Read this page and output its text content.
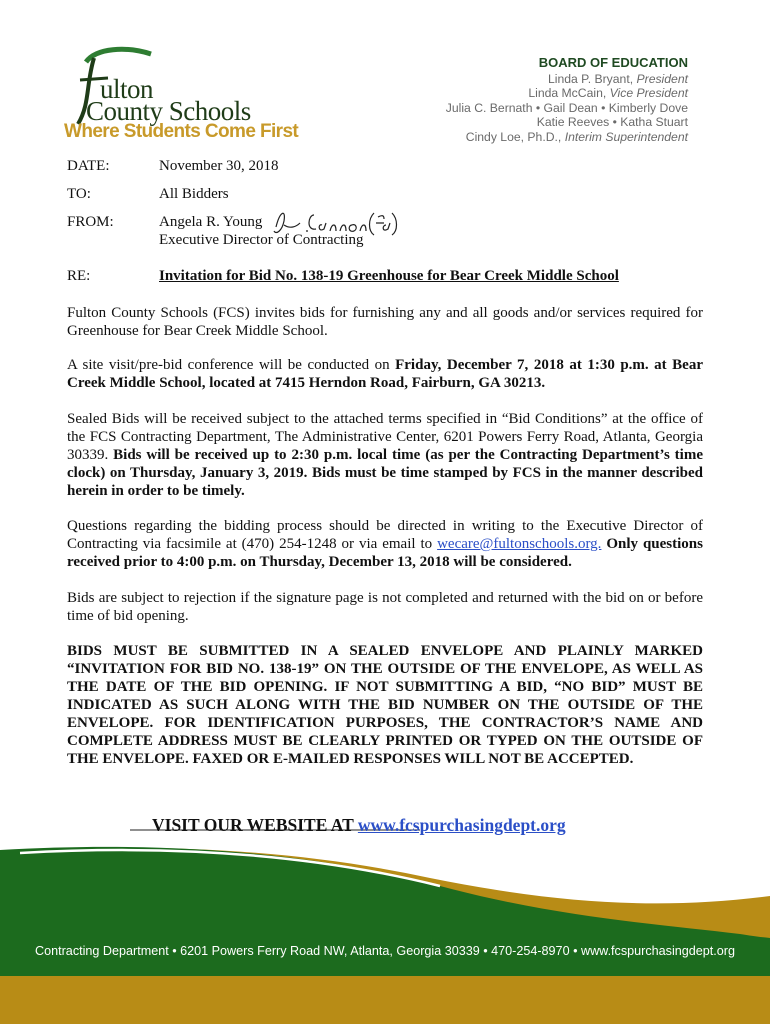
ulton
County Schools
Where Students Come First
BOARD OF EDUCATION
Linda P. Bryant, President
Linda McCain, Vice President
Julia C. Bernath • Gail Dean • Kimberly Dove
Katie Reeves • Katha Stuart
Cindy Loe, Ph.D., Interim Superintendent
DATE:	November 30, 2018
TO:	All Bidders
FROM:	Angela R. Young
Executive Director of Contracting
RE:	Invitation for Bid No. 138-19 Greenhouse for Bear Creek Middle School
Fulton County Schools (FCS) invites bids for furnishing any and all goods and/or services required for Greenhouse for Bear Creek Middle School.
A site visit/pre-bid conference will be conducted on Friday, December 7, 2018 at 1:30 p.m. at Bear Creek Middle School, located at 7415 Herndon Road, Fairburn, GA 30213.
Sealed Bids will be received subject to the attached terms specified in “Bid Conditions” at the office of the FCS Contracting Department, The Administrative Center, 6201 Powers Ferry Road, Atlanta, Georgia 30339. Bids will be received up to 2:30 p.m. local time (as per the Contracting Department’s time clock) on Thursday, January 3, 2019. Bids must be time stamped by FCS in the manner described herein in order to be timely.
Questions regarding the bidding process should be directed in writing to the Executive Director of Contracting via facsimile at (470) 254-1248 or via email to wecare@fultonschools.org. Only questions received prior to 4:00 p.m. on Thursday, December 13, 2018 will be considered.
Bids are subject to rejection if the signature page is not completed and returned with the bid on or before time of bid opening.
BIDS MUST BE SUBMITTED IN A SEALED ENVELOPE AND PLAINLY MARKED “INVITATION FOR BID NO. 138-19” ON THE OUTSIDE OF THE ENVELOPE, AS WELL AS THE DATE OF THE BID OPENING. IF NOT SUBMITTING A BID, “NO BID” MUST BE INDICATED AS SUCH ALONG WITH THE BID NUMBER ON THE OUTSIDE OF THE ENVELOPE. FOR IDENTIFICATION PURPOSES, THE CONTRACTOR’S NAME AND COMPLETE ADDRESS MUST BE CLEARLY PRINTED OR TYPED ON THE OUTSIDE OF THE ENVELOPE. FAXED OR E-MAILED RESPONSES WILL NOT BE ACCEPTED.
VISIT OUR WEBSITE AT www.fcspurchasingdept.org
Contracting Department • 6201 Powers Ferry Road NW, Atlanta, Georgia 30339 • 470-254-8970 • www.fcspurchasingdept.org
